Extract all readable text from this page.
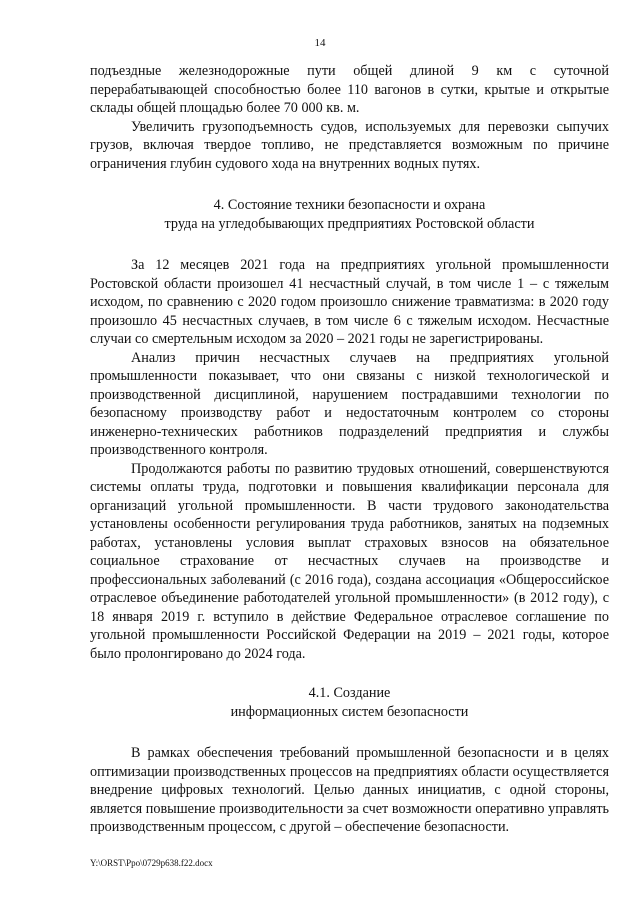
14

подъездные железнодорожные пути общей длиной 9 км с суточной перерабатывающей способностью более 110 вагонов в сутки, крытые и открытые склады общей площадью более 70 000 кв. м.

Увеличить грузоподъемность судов, используемых для перевозки сыпучих грузов, включая твердое топливо, не представляется возможным по причине ограничения глубин судового хода на внутренних водных путях.

4. Состояние техники безопасности и охрана

труда на угледобывающих предприятиях Ростовской области

За 12 месяцев 2021 года на предприятиях угольной промышленности Ростовской области произошел 41 несчастный случай, в том числе 1 – с тяжелым исходом, по сравнению с 2020 годом произошло снижение травматизма: в 2020 году произошло 45 несчастных случаев, в том числе 6 с тяжелым исходом. Несчастные случаи со смертельным исходом за 2020 – 2021 годы не зарегистрированы.

Анализ причин несчастных случаев на предприятиях угольной промышленности показывает, что они связаны с низкой технологической и производственной дисциплиной, нарушением пострадавшими технологии по безопасному производству работ и недостаточным контролем со стороны инженерно-технических работников подразделений предприятия и службы производственного контроля.

Продолжаются работы по развитию трудовых отношений, совершенствуются системы оплаты труда, подготовки и повышения квалификации персонала для организаций угольной промышленности. В части трудового законодательства установлены особенности регулирования труда работников, занятых на подземных работах, установлены условия выплат страховых взносов на обязательное социальное страхование от несчастных случаев на производстве и профессиональных заболеваний (с 2016 года), создана ассоциация «Общероссийское отраслевое объединение работодателей угольной промышленности» (в 2012 году), с 18 января 2019 г. вступило в действие Федеральное отраслевое соглашение по угольной промышленности Российской Федерации на 2019 – 2021 годы, которое было пролонгировано до 2024 года.

4.1. Создание

информационных систем безопасности

В рамках обеспечения требований промышленной безопасности и в целях оптимизации производственных процессов на предприятиях области осуществляется внедрение цифровых технологий. Целью данных инициатив, с одной стороны, является повышение производительности за счет возможности оперативно управлять производственным процессом, с другой – обеспечение безопасности.

Y:\ORST\Ppo\0729p638.f22.docx
